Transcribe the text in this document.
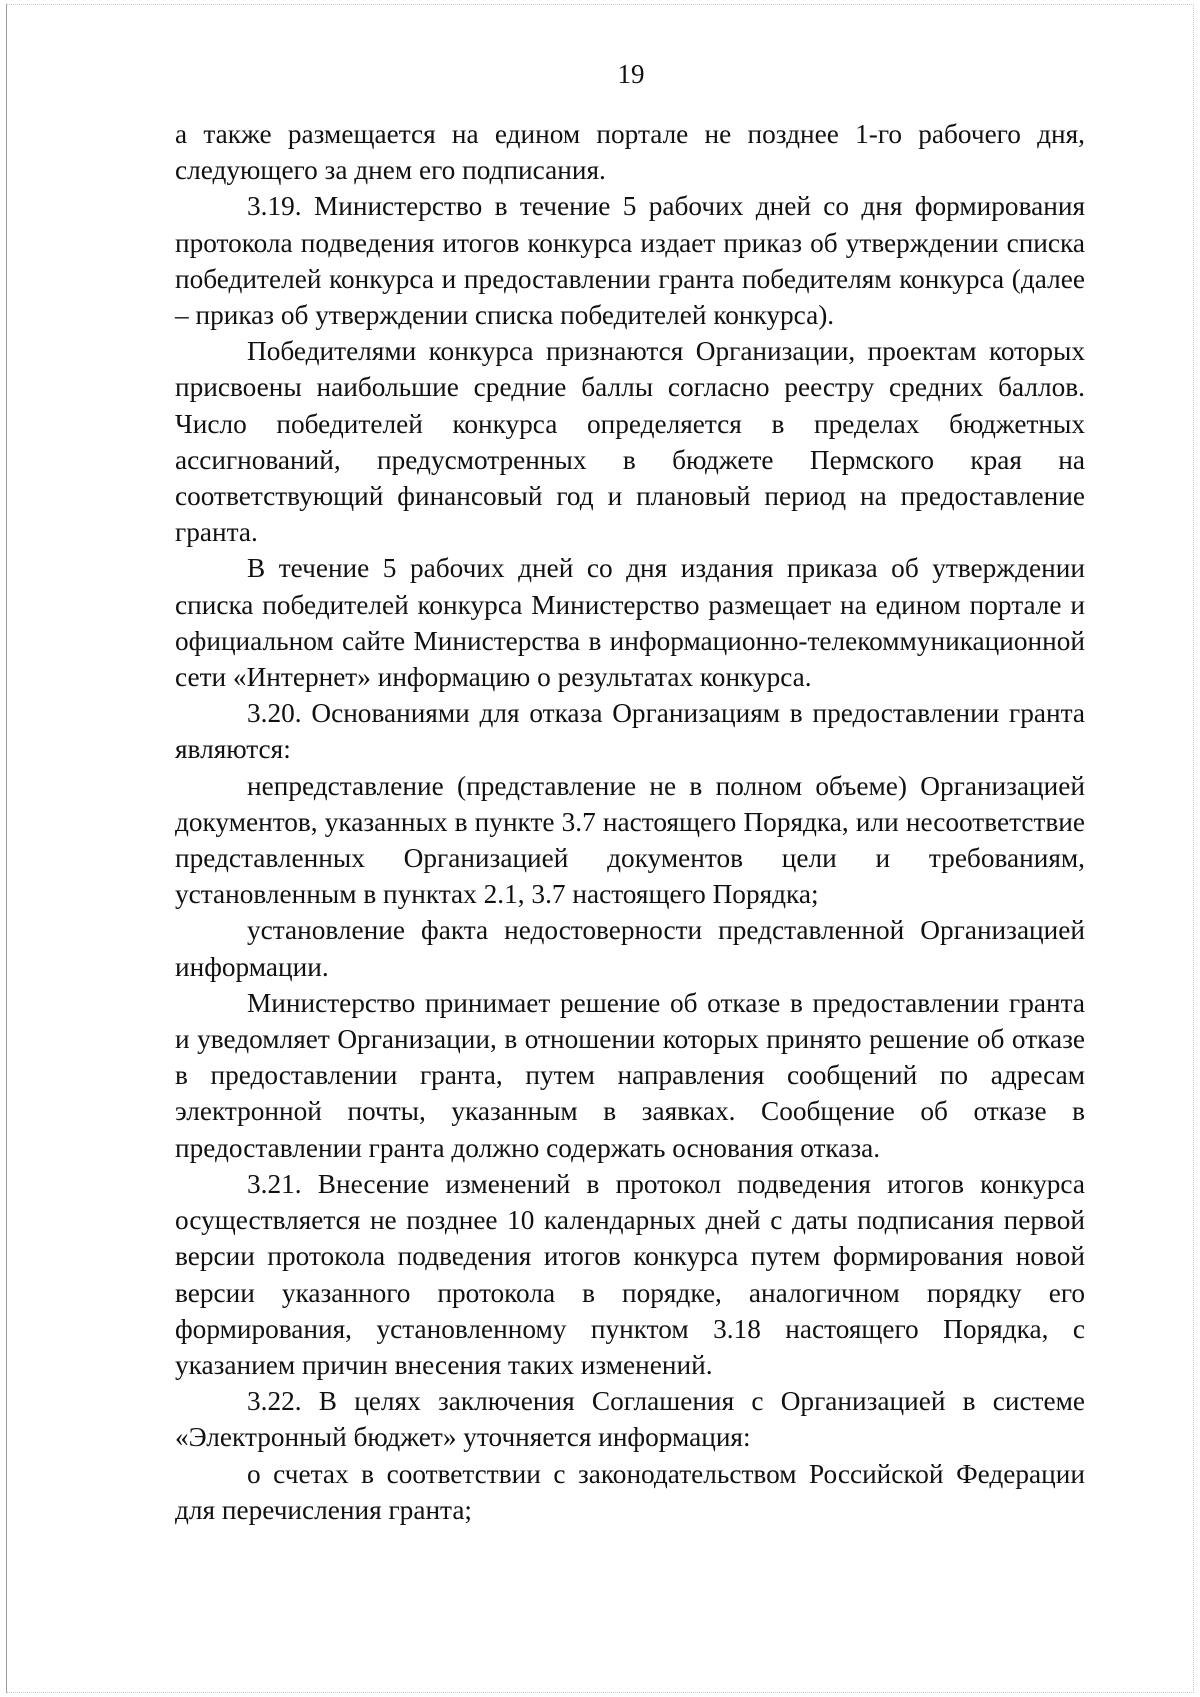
19

а также размещается на едином портале не позднее 1-го рабочего дня, следующего за днем его подписания.

3.19. Министерство в течение 5 рабочих дней со дня формирования протокола подведения итогов конкурса издает приказ об утверждении списка победителей конкурса и предоставлении гранта победителям конкурса (далее – приказ об утверждении списка победителей конкурса).

Победителями конкурса признаются Организации, проектам которых присвоены наибольшие средние баллы согласно реестру средних баллов. Число победителей конкурса определяется в пределах бюджетных ассигнований, предусмотренных в бюджете Пермского края на соответствующий финансовый год и плановый период на предоставление гранта.

В течение 5 рабочих дней со дня издания приказа об утверждении списка победителей конкурса Министерство размещает на едином портале и официальном сайте Министерства в информационно-телекоммуникационной сети «Интернет» информацию о результатах конкурса.

3.20. Основаниями для отказа Организациям в предоставлении гранта являются:

непредставление (представление не в полном объеме) Организацией документов, указанных в пункте 3.7 настоящего Порядка, или несоответствие представленных Организацией документов цели и требованиям, установленным в пунктах 2.1, 3.7 настоящего Порядка;

установление факта недостоверности представленной Организацией информации.

Министерство принимает решение об отказе в предоставлении гранта и уведомляет Организации, в отношении которых принято решение об отказе в предоставлении гранта, путем направления сообщений по адресам электронной почты, указанным в заявках. Сообщение об отказе в предоставлении гранта должно содержать основания отказа.

3.21. Внесение изменений в протокол подведения итогов конкурса осуществляется не позднее 10 календарных дней с даты подписания первой версии протокола подведения итогов конкурса путем формирования новой версии указанного протокола в порядке, аналогичном порядку его формирования, установленному пунктом 3.18 настоящего Порядка, с указанием причин внесения таких изменений.

3.22. В целях заключения Соглашения с Организацией в системе «Электронный бюджет» уточняется информация:

о счетах в соответствии с законодательством Российской Федерации для перечисления гранта;
